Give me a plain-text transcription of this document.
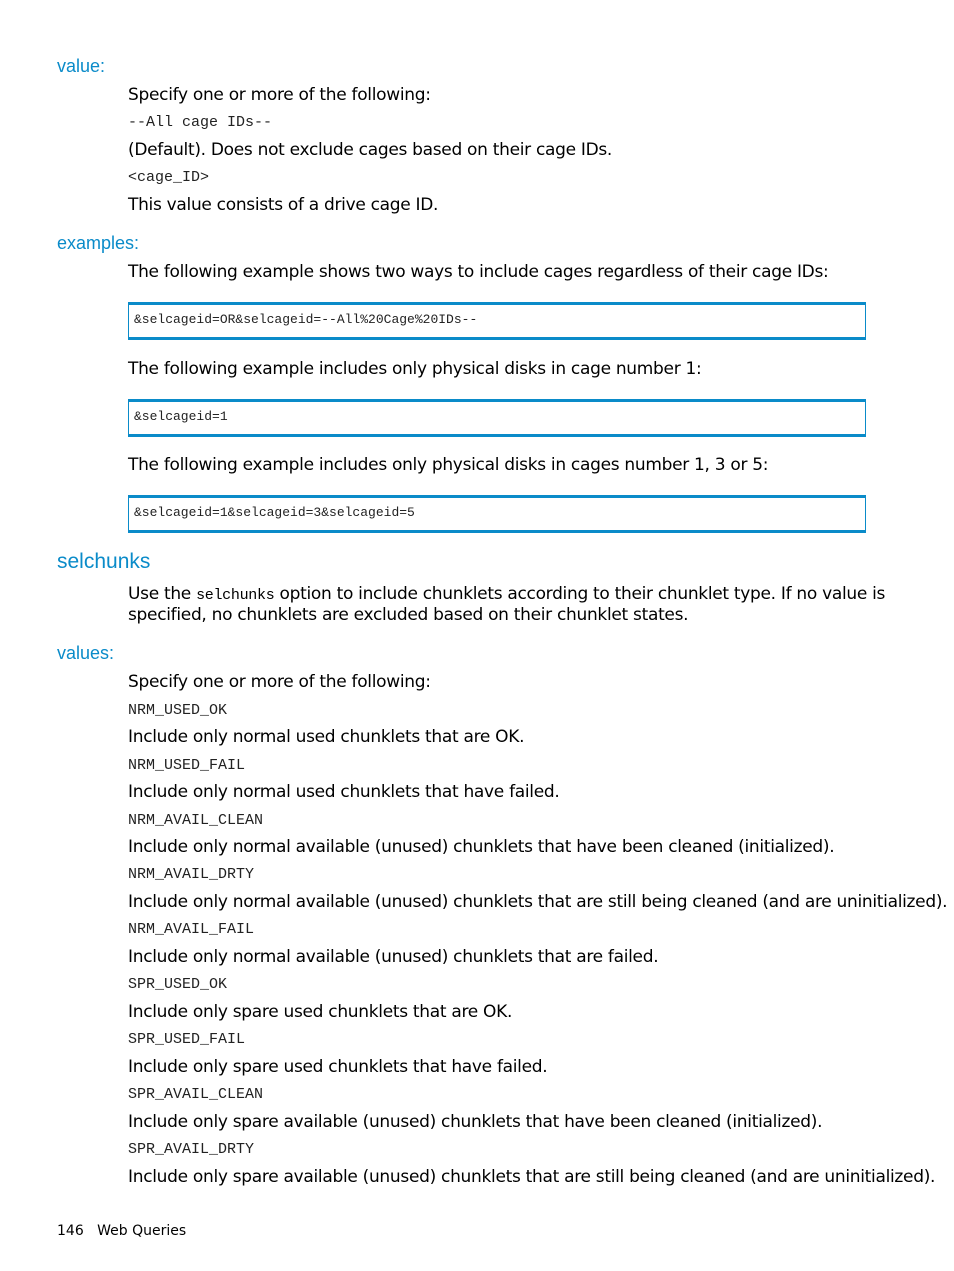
value:
Specify one or more of the following:
--All cage IDs--
(Default). Does not exclude cages based on their cage IDs.
<cage_ID>
This value consists of a drive cage ID.
examples:
The following example shows two ways to include cages regardless of their cage IDs:
&selcageid=OR&selcageid=--All%20Cage%20IDs--
The following example includes only physical disks in cage number 1:
&selcageid=1
The following example includes only physical disks in cages number 1, 3 or 5:
&selcageid=1&selcageid=3&selcageid=5
selchunks
Use the selchunks option to include chunklets according to their chunklet type. If no value is
specified, no chunklets are excluded based on their chunklet states.
values:
Specify one or more of the following:
NRM_USED_OK
Include only normal used chunklets that are OK.
NRM_USED_FAIL
Include only normal used chunklets that have failed.
NRM_AVAIL_CLEAN
Include only normal available (unused) chunklets that have been cleaned (initialized).
NRM_AVAIL_DRTY
Include only normal available (unused) chunklets that are still being cleaned (and are uninitialized).
NRM_AVAIL_FAIL
Include only normal available (unused) chunklets that are failed.
SPR_USED_OK
Include only spare used chunklets that are OK.
SPR_USED_FAIL
Include only spare used chunklets that have failed.
SPR_AVAIL_CLEAN
Include only spare available (unused) chunklets that have been cleaned (initialized).
SPR_AVAIL_DRTY
Include only spare available (unused) chunklets that are still being cleaned (and are uninitialized).
146 Web Queries
